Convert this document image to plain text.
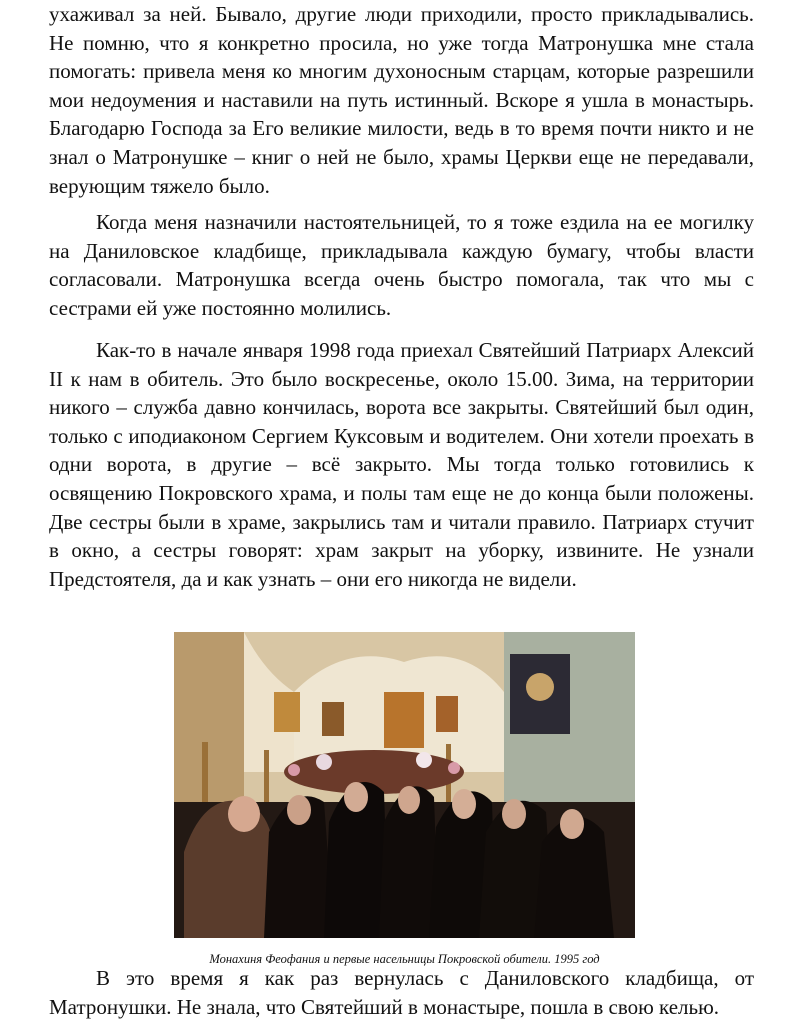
ухаживал за ней. Бывало, другие люди приходили, просто прикладывались. Не помню, что я конкретно просила, но уже тогда Матронушка мне стала помогать: привела меня ко многим духоносным старцам, которые разрешили мои недоумения и наставили на путь истинный. Вскоре я ушла в монастырь. Благодарю Господа за Его великие милости, ведь в то время почти никто и не знал о Матронушке – книг о ней не было, храмы Церкви еще не передавали, верующим тяжело было.

Когда меня назначили настоятельницей, то я тоже ездила на ее могилку на Даниловское кладбище, прикладывала каждую бумагу, чтобы власти согласовали. Матронушка всегда очень быстро помогала, так что мы с сестрами ей уже постоянно молились.

Как-то в начале января 1998 года приехал Святейший Патриарх Алексий II к нам в обитель. Это было воскресенье, около 15.00. Зима, на территории никого – служба давно кончилась, ворота все закрыты. Святейший был один, только с иподиаконом Сергием Куксовым и водителем. Они хотели проехать в одни ворота, в другие – всё закрыто. Мы тогда только готовились к освящению Покровского храма, и полы там еще не до конца были положены. Две сестры были в храме, закрылись там и читали правило. Патриарх стучит в окно, а сестры говорят: храм закрыт на уборку, извините. Не узнали Предстоятеля, да и как узнать – они его никогда не видели.

Монахиня Феофания и первые насельницы Покровской обители. 1995 год

В это время я как раз вернулась с Даниловского кладбища, от Матронушки. Не знала, что Святейший в монастыре, пошла в свою келью.
